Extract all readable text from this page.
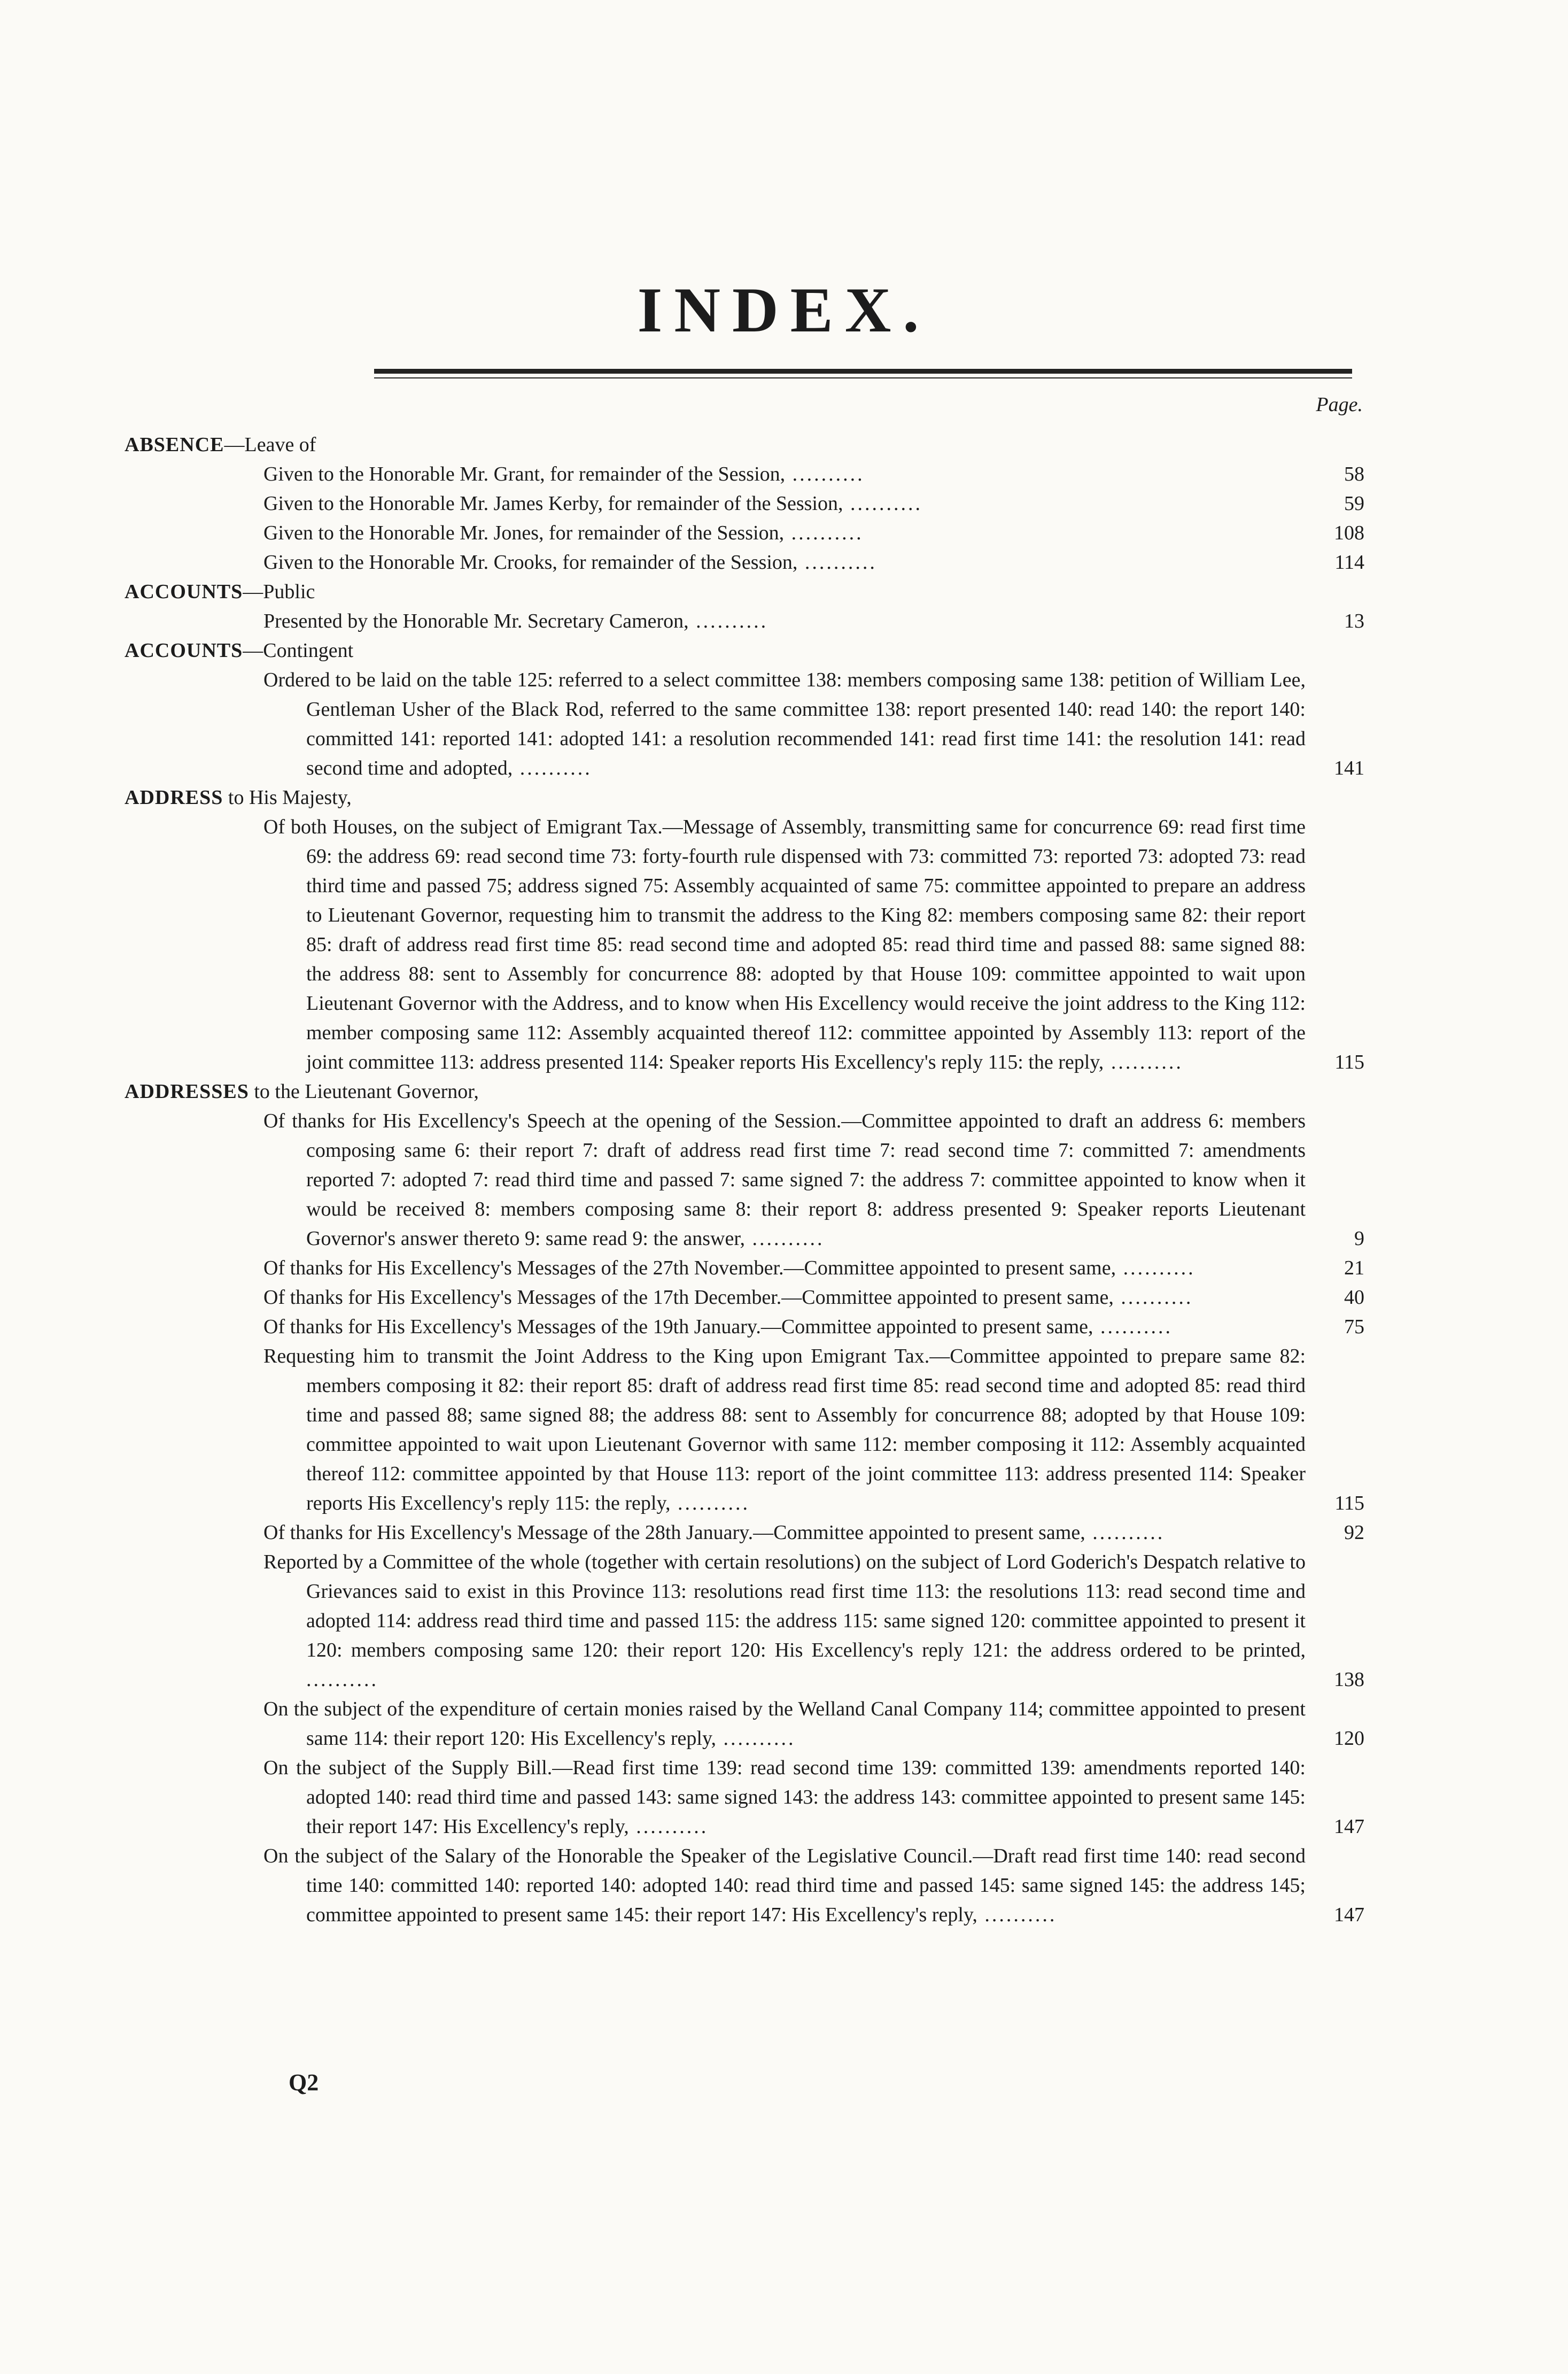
INDEX.
Page.
ABSENCE—Leave of
Given to the Honorable Mr. Grant, for remainder of the Session, ..........	58
Given to the Honorable Mr. James Kerby, for remainder of the Session, ..........	59
Given to the Honorable Mr. Jones, for remainder of the Session, ..........	108
Given to the Honorable Mr. Crooks, for remainder of the Session, ..........	114
ACCOUNTS—Public
Presented by the Honorable Mr. Secretary Cameron, ..........	13
ACCOUNTS—Contingent
Ordered to be laid on the table 125: referred to a select committee 138: members composing same 138: petition of William Lee, Gentleman Usher of the Black Rod, referred to the same committee 138: report presented 140: read 140: the report 140: committed 141: reported 141: adopted 141: a resolution recommended 141: read first time 141: the resolution 141: read second time and adopted, ..........	141
ADDRESS to His Majesty,
Of both Houses, on the subject of Emigrant Tax.—Message of Assembly, transmitting same for concurrence 69: read first time 69: the address 69: read second time 73: forty-fourth rule dispensed with 73: committed 73: reported 73: adopted 73: read third time and passed 75; address signed 75: Assembly acquainted of same 75: committee appointed to prepare an address to Lieutenant Governor, requesting him to transmit the address to the King 82: members composing same 82: their report 85: draft of address read first time 85: read second time and adopted 85: read third time and passed 88: same signed 88: the address 88: sent to Assembly for concurrence 88: adopted by that House 109: committee appointed to wait upon Lieutenant Governor with the Address, and to know when His Excellency would receive the joint address to the King 112: member composing same 112: Assembly acquainted thereof 112: committee appointed by Assembly 113: report of the joint committee 113: address presented 114: Speaker reports His Excellency's reply 115: the reply, ..........	115
ADDRESSES to the Lieutenant Governor,
Of thanks for His Excellency's Speech at the opening of the Session.—Committee appointed to draft an address 6: members composing same 6: their report 7: draft of address read first time 7: read second time 7: committed 7: amendments reported 7: adopted 7: read third time and passed 7: same signed 7: the address 7: committee appointed to know when it would be received 8: members composing same 8: their report 8: address presented 9: Speaker reports Lieutenant Governor's answer thereto 9: same read 9: the answer, ..........	9
Of thanks for His Excellency's Messages of the 27th November.—Committee appointed to present same, ..........	21
Of thanks for His Excellency's Messages of the 17th December.—Committee appointed to present same, ..........	40
Of thanks for His Excellency's Messages of the 19th January.—Committee appointed to present same, ..........	75
Requesting him to transmit the Joint Address to the King upon Emigrant Tax.—Committee appointed to prepare same 82: members composing it 82: their report 85: draft of address read first time 85: read second time and adopted 85: read third time and passed 88; same signed 88; the address 88: sent to Assembly for concurrence 88; adopted by that House 109: committee appointed to wait upon Lieutenant Governor with same 112: member composing it 112: Assembly acquainted thereof 112: committee appointed by that House 113: report of the joint committee 113: address presented 114: Speaker reports His Excellency's reply 115: the reply, ..........	115
Of thanks for His Excellency's Message of the 28th January.—Committee appointed to present same, ..........	92
Reported by a Committee of the whole (together with certain resolutions) on the subject of Lord Goderich's Despatch relative to Grievances said to exist in this Province 113: resolutions read first time 113: the resolutions 113: read second time and adopted 114: address read third time and passed 115: the address 115: same signed 120: committee appointed to present it 120: members composing same 120: their report 120: His Excellency's reply 121: the address ordered to be printed, ..........	138
On the subject of the expenditure of certain monies raised by the Welland Canal Company 114; committee appointed to present same 114: their report 120: His Excellency's reply, ..........	120
On the subject of the Supply Bill.—Read first time 139: read second time 139: committed 139: amendments reported 140: adopted 140: read third time and passed 143: same signed 143: the address 143: committee appointed to present same 145: their report 147: His Excellency's reply, ..........	147
On the subject of the Salary of the Honorable the Speaker of the Legislative Council.—Draft read first time 140: read second time 140: committed 140: reported 140: adopted 140: read third time and passed 145: same signed 145: the address 145; committee appointed to present same 145: their report 147: His Excellency's reply, ..........	147
Q2
